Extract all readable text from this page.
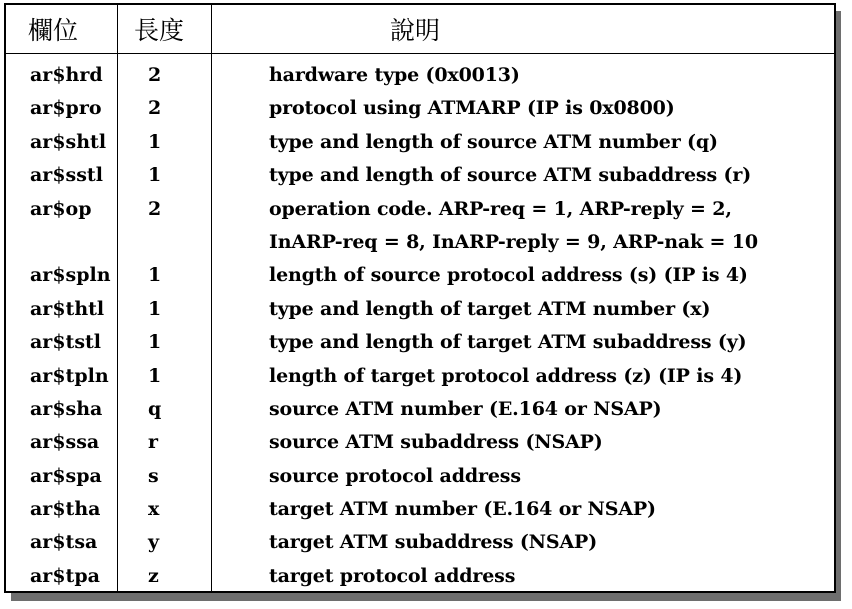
欄位 長度	說明
ar$hrd 2	hardware type (0x0013)
ar$pro 2	protocol using ATMARP (IP is 0x0800)
ar$shtl 1	type and length of source ATM number (q)
ar$sstl 1	type and length of source ATM subaddress (r)
ar$op	2	operation code. ARP-req = 1, ARP-reply = 2,
InARP-req = 8, InARP-reply = 9, ARP-nak = 10
ar$spln 1	length of source protocol address (s) (IP is 4)
ar$thtl 1	type and length of target ATM number (x)
ar$tstl 1	type and length of target ATM subaddress (y)
ar$tpln 1	length of target protocol address (z) (IP is 4)
ar$sha q	source ATM number (E.164 or NSAP)
ar$ssa	r	source ATM subaddress (NSAP)
ar$spa s	source protocol address
ar$tha	x	target ATM number (E.164 or NSAP)
ar$tsa	y	target ATM subaddress (NSAP)
ar$tpa	z	target protocol address
